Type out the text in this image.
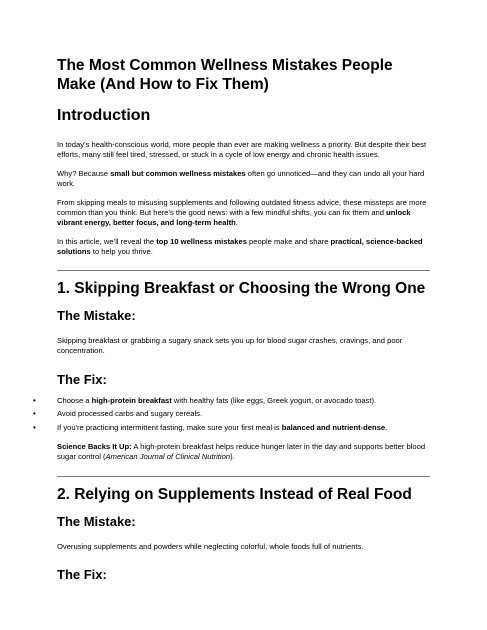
The Most Common Wellness Mistakes People Make (And How to Fix Them)
Introduction

In today’s health-conscious world, more people than ever are making wellness a priority. But despite their best efforts, many still feel tired, stressed, or stuck in a cycle of low energy and chronic health issues.

Why? Because small but common wellness mistakes often go unnoticed—and they can undo all your hard work.

From skipping meals to misusing supplements and following outdated fitness advice, these missteps are more common than you think. But here’s the good news: with a few mindful shifts, you can fix them and unlock vibrant energy, better focus, and long-term health.

In this article, we’ll reveal the top 10 wellness mistakes people make and share practical, science-backed solutions to help you thrive.

1. Skipping Breakfast or Choosing the Wrong One
The Mistake:

Skipping breakfast or grabbing a sugary snack sets you up for blood sugar crashes, cravings, and poor concentration.

The Fix:
•	Choose a high-protein breakfast with healthy fats (like eggs, Greek yogurt, or avocado toast).
•	Avoid processed carbs and sugary cereals.
•	If you're practicing intermittent fasting, make sure your first meal is balanced and nutrient-dense.

Science Backs It Up: A high-protein breakfast helps reduce hunger later in the day and supports better blood sugar control (American Journal of Clinical Nutrition).

2. Relying on Supplements Instead of Real Food
The Mistake:

Overusing supplements and powders while neglecting colorful, whole foods full of nutrients.

The Fix:
